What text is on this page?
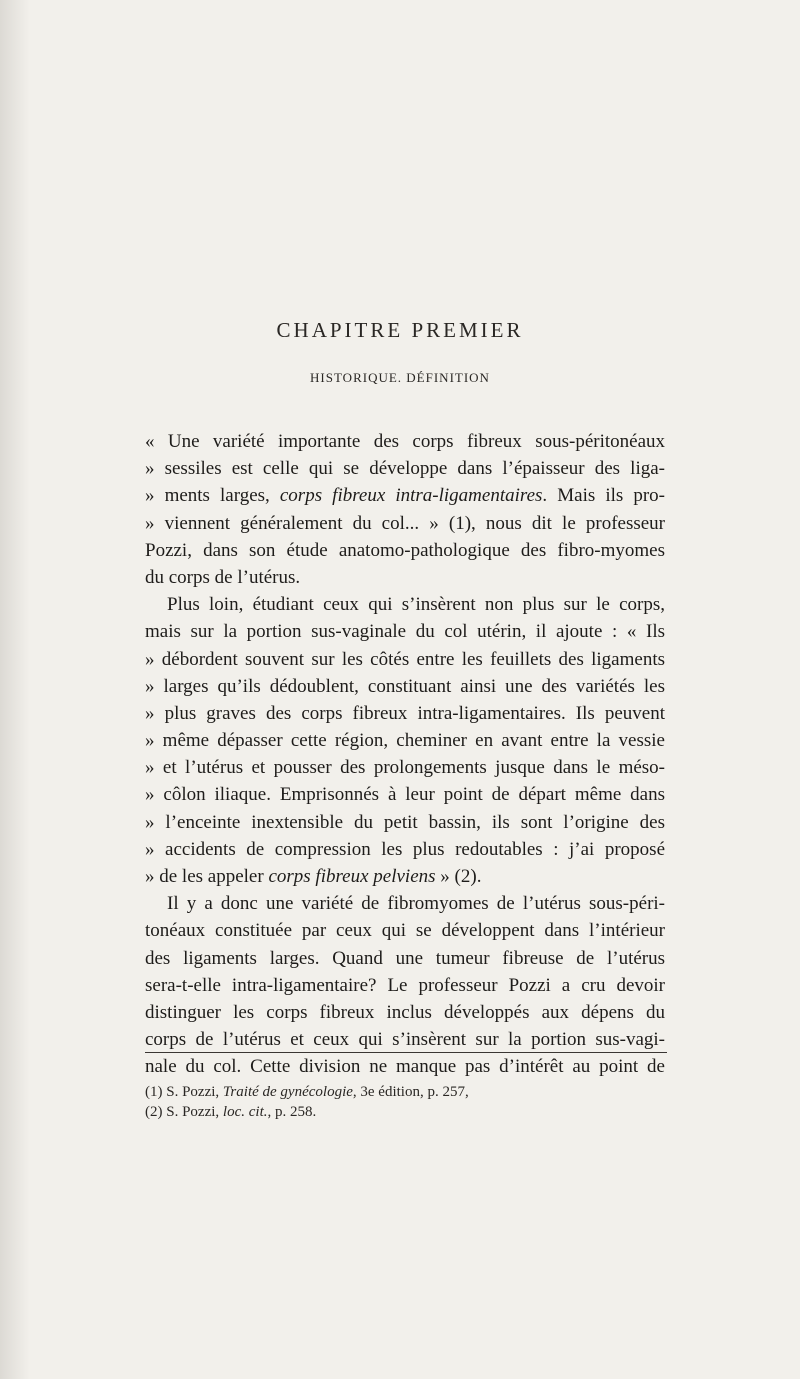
CHAPITRE PREMIER
HISTORIQUE. DÉFINITION
« Une variété importante des corps fibreux sous-péritonéaux
» sessiles est celle qui se développe dans l’épaisseur des liga-
» ments larges, corps fibreux intra-ligamentaires. Mais ils pro-
» viennent généralement du col... » (1), nous dit le professeur
Pozzi, dans son étude anatomo-pathologique des fibro-myomes
du corps de l’utérus.
Plus loin, étudiant ceux qui s’insèrent non plus sur le corps,
mais sur la portion sus-vaginale du col utérin, il ajoute : « Ils
» débordent souvent sur les côtés entre les feuillets des ligaments
» larges qu’ils dédoublent, constituant ainsi une des variétés les
» plus graves des corps fibreux intra-ligamentaires. Ils peuvent
» même dépasser cette région, cheminer en avant entre la vessie
» et l’utérus et pousser des prolongements jusque dans le méso-
» côlon iliaque. Emprisonnés à leur point de départ même dans
» l’enceinte inextensible du petit bassin, ils sont l’origine des
» accidents de compression les plus redoutables : j’ai proposé
» de les appeler corps fibreux pelviens » (2).
Il y a donc une variété de fibromyomes de l’utérus sous-péri-
tonéaux constituée par ceux qui se développent dans l’intérieur
des ligaments larges. Quand une tumeur fibreuse de l’utérus
sera-t-elle intra-ligamentaire? Le professeur Pozzi a cru devoir
distinguer les corps fibreux inclus développés aux dépens du
corps de l’utérus et ceux qui s’insèrent sur la portion sus-vagi-
nale du col. Cette division ne manque pas d’intérêt au point de
(1) S. Pozzi, Traité de gynécologie, 3e édition, p. 257,
(2) S. Pozzi, loc. cit., p. 258.
